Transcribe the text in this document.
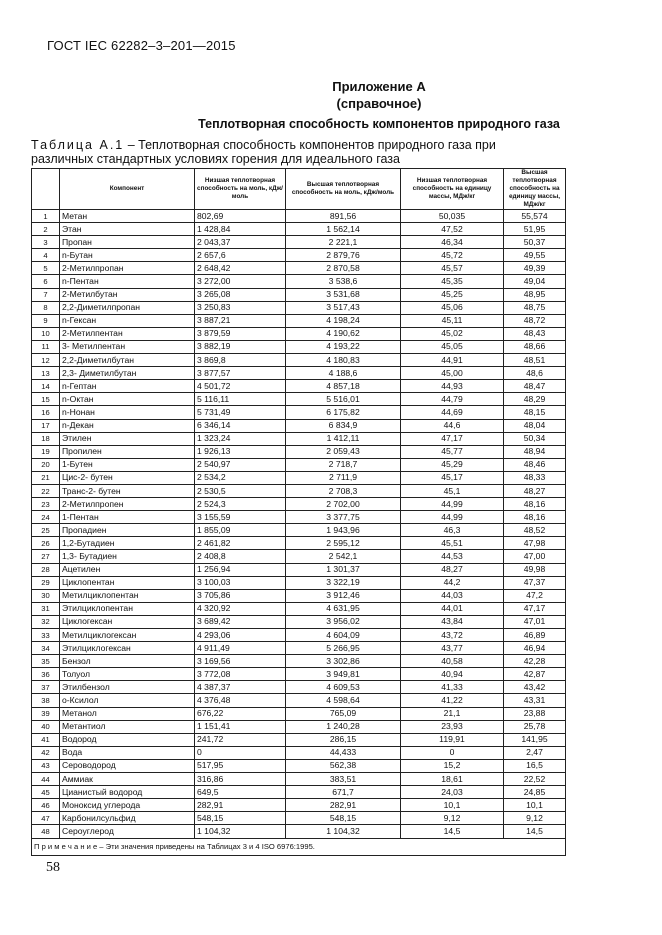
ГОСТ IEC 62282–3–201—2015
Приложение А
(справочное)
Теплотворная способность компонентов природного газа
Таблица А.1 – Теплотворная способность компонентов природного газа при различных стандартных условиях горения для идеального газа
	Компонент	Низшая теплотворная способность на моль, кДж/моль	Высшая теплотворная способность на моль, кДж/моль	Низшая теплотворная способность на единицу массы, МДж/кг	Высшая теплотворная способность на единицу массы, МДж/кг
1	Метан	802,69	891,56	50,035	55,574
2	Этан	1 428,84	1 562,14	47,52	51,95
3	Пропан	2 043,37	2 221,1	46,34	50,37
4	n-Бутан	2 657,6	2 879,76	45,72	49,55
5	2-Метилпропан	2 648,42	2 870,58	45,57	49,39
6	n-Пентан	3 272,00	3 538,6	45,35	49,04
7	2-Метилбутан	3 265,08	3 531,68	45,25	48,95
8	2,2-Диметилпропан	3 250,83	3 517,43	45,06	48,75
9	n-Гексан	3 887,21	4 198,24	45,11	48,72
10	2-Метилпентан	3 879,59	4 190,62	45,02	48,43
11	3- Метилпентан	3 882,19	4 193,22	45,05	48,66
12	2,2-Диметилбутан	3 869,8	4 180,83	44,91	48,51
13	2,3- Диметилбутан	3 877,57	4 188,6	45,00	48,6
14	n-Гептан	4 501,72	4 857,18	44,93	48,47
15	n-Октан	5 116,11	5 516,01	44,79	48,29
16	n-Нонан	5 731,49	6 175,82	44,69	48,15
17	n-Декан	6 346,14	6 834,9	44,6	48,04
18	Этилен	1 323,24	1 412,11	47,17	50,34
19	Пропилен	1 926,13	2 059,43	45,77	48,94
20	1-Бутен	2 540,97	2 718,7	45,29	48,46
21	Цис-2- бутен	2 534,2	2 711,9	45,17	48,33
22	Транс-2- бутен	2 530,5	2 708,3	45,1	48,27
23	2-Метилпропен	2 524,3	2 702,00	44,99	48,16
24	1-Пентан	3 155,59	3 377,75	44,99	48,16
25	Пропадиен	1 855,09	1 943,96	46,3	48,52
26	1,2-Бутадиен	2 461,82	2 595,12	45,51	47,98
27	1,3- Бутадиен	2 408,8	2 542,1	44,53	47,00
28	Ацетилен	1 256,94	1 301,37	48,27	49,98
29	Циклопентан	3 100,03	3 322,19	44,2	47,37
30	Метилциклопентан	3 705,86	3 912,46	44,03	47,2
31	Этилциклопентан	4 320,92	4 631,95	44,01	47,17
32	Циклогексан	3 689,42	3 956,02	43,84	47,01
33	Метилциклогексан	4 293,06	4 604,09	43,72	46,89
34	Этилциклогексан	4 911,49	5 266,95	43,77	46,94
35	Бензол	3 169,56	3 302,86	40,58	42,28
36	Толуол	3 772,08	3 949,81	40,94	42,87
37	Этилбензол	4 387,37	4 609,53	41,33	43,42
38	о-Ксилол	4 376,48	4 598,64	41,22	43,31
39	Метанол	676,22	765,09	21,1	23,88
40	Метантиол	1 151,41	1 240,28	23,93	25,78
41	Водород	241,72	286,15	119,91	141,95
42	Вода	0	44,433	0	2,47
43	Сероводород	517,95	562,38	15,2	16,5
44	Аммиак	316,86	383,51	18,61	22,52
45	Цианистый водород	649,5	671,7	24,03	24,85
46	Моноксид углерода	282,91	282,91	10,1	10,1
47	Карбонилсульфид	548,15	548,15	9,12	9,12
48	Сероуглерод	1 104,32	1 104,32	14,5	14,5
П р и м е ч а н и е – Эти значения приведены на Таблицах 3 и 4 ISO 6976:1995.					
58
